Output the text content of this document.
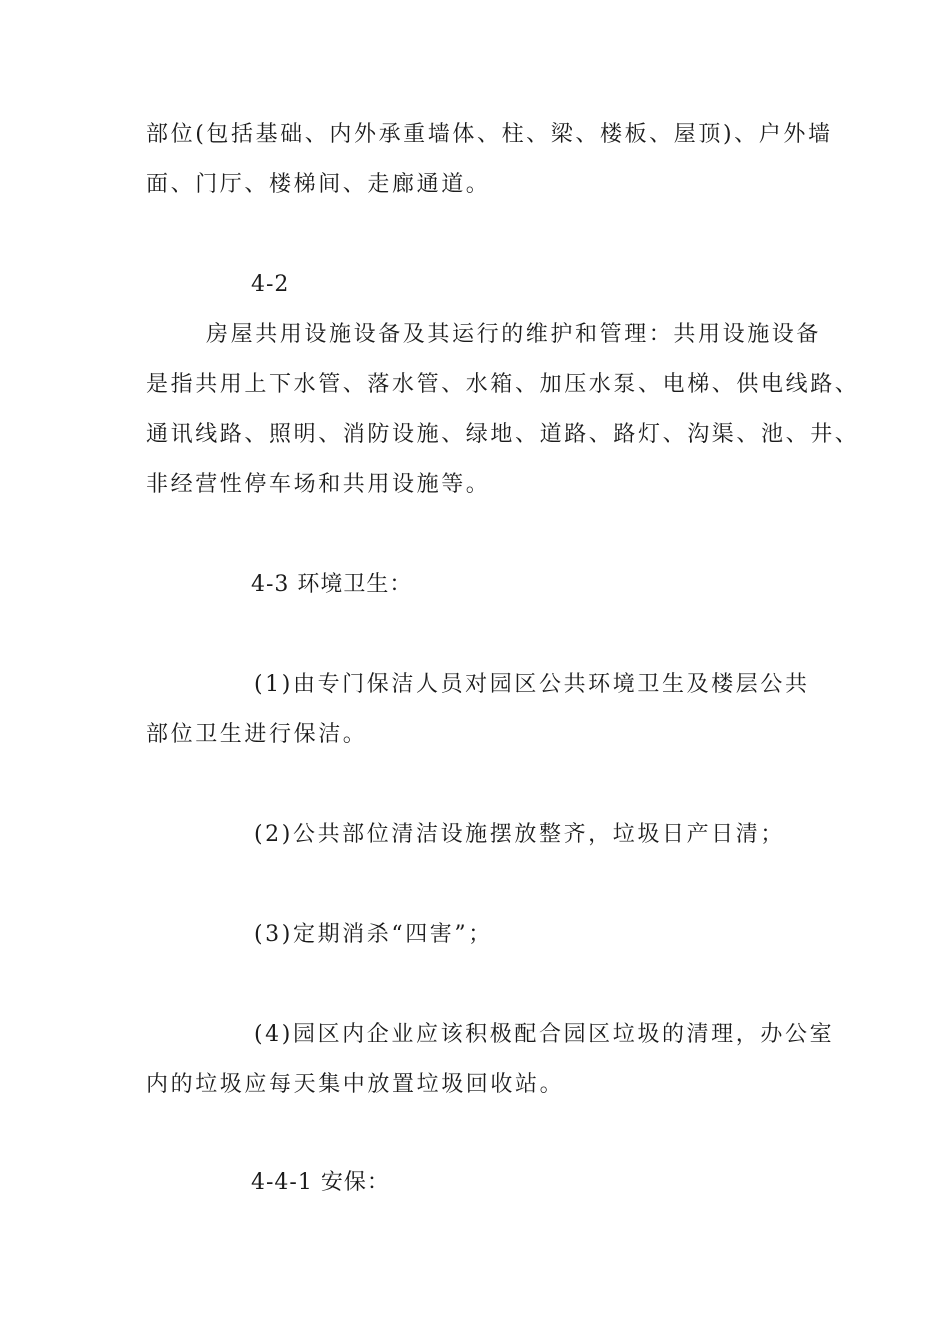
部位(包括基础、内外承重墙体、柱、梁、楼板、屋顶)、户外墙
面、门厅、楼梯间、走廊通道。

4-2

房屋共用设施设备及其运行的维护和管理：共用设施设备
是指共用上下水管、落水管、水箱、加压水泵、电梯、供电线路、
通讯线路、照明、消防设施、绿地、道路、路灯、沟渠、池、井、
非经营性停车场和共用设施等。

4-3 环境卫生：

(1)由专门保洁人员对园区公共环境卫生及楼层公共
部位卫生进行保洁。

(2)公共部位清洁设施摆放整齐，垃圾日产日清；

(3)定期消杀“四害”；

(4)园区内企业应该积极配合园区垃圾的清理，办公室
内的垃圾应每天集中放置垃圾回收站。

4-4-1 安保：
